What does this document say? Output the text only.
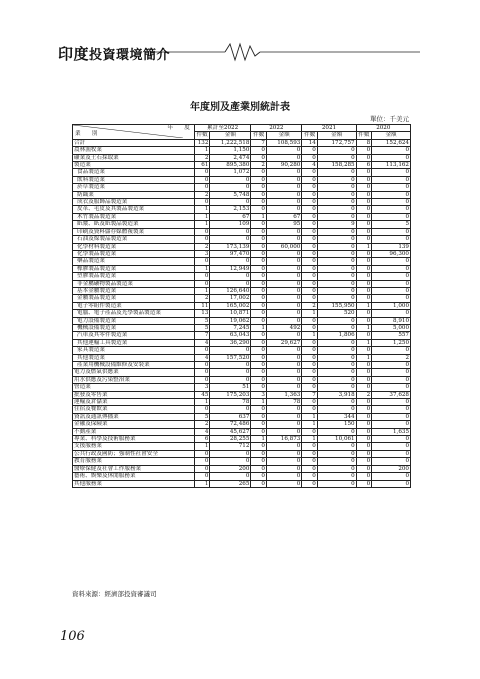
印度投資環境簡介
年度別及產業別統計表
單位：千美元
年　　度
業　　別	累計至2022		2022		2021		2020	
	件數	金額	件數	金額	件數	金額	件數	金額
合計	132	1,222,518	7	108,593	14	172,757	8	152,624
農林漁牧業	1	1,150	0	0	0	0	0	0
礦業及土石採取業	2	2,474	0	0	0	0	0	0
製造業	61	895,380	2	90,280	4	158,285	6	113,162
食品製造業	0	1,072	0	0	0	0	0	0
飲料製造業	0	0	0	0	0	0	0	0
菸草製造業	0	0	0	0	0	0	0	0
紡織業	2	5,748	0	0	0	0	0	0
成衣及服飾品製造業	0	0	0	0	0	0	0	0
皮革、毛皮及其製品製造業	1	2,153	0	0	0	0	0	0
木竹製品製造業	1	67	1	67	0	0	0	0
紙漿、紙及紙製品製造業	1	109	0	95	0	9	0	5
印刷及資料儲存媒體複製業	0	0	0	0	0	0	0	0
石油及煤製品製造業	0	0	0	0	0	0	0	0
化學材料製造業	2	173,139	0	60,000	0	0	1	139
化學製品製造業	3	97,470	0	0	0	0	0	96,300
藥品製造業	0	0	0	0	0	0	0	0
橡膠製品製造業	1	12,949	0	0	0	0	0	0
塑膠製品製造業	0	0	0	0	0	0	0	0
非金屬礦物製品製造業	0	0	0	0	0	0	0	0
基本金屬製造業	1	126,640	0	0	0	0	0	0
金屬製品製造業	2	17,002	0	0	0	0	0	0
電子零組件製造業	11	165,002	0	0	2	155,950	1	1,000
電腦、電子產品及光學製品製造業	13	10,871	0	0	1	520	0	0
電力設備製造業	5	19,062	0	0	0	0	0	8,910
機械設備製造業	5	7,245	1	492	0	0	1	5,000
汽車及其零件製造業	7	63,043	0	0	1	1,806	0	557
其他運輸工具製造業	4	36,290	0	29,627	0	0	1	1,250
家具製造業	0	0	0	0	0	0	0	0
其他製造業	4	157,520	0	0	0	0	1	2
產業用機械設備維修及安裝業	0	0	0	0	0	0	0	0
電力及燃氣供應業	0	0	0	0	0	0	0	0
用水供應及污染整治業	0	0	0	0	0	0	0	0
營造業	3	51	0	0	0	0	0	0
批發及零售業	45	175,203	3	1,363	7	3,918	2	37,628
運輸及倉儲業	1	78	1	78	0	0	0	0
住宿及餐飲業	0	0	0	0	0	0	0	0
資訊及通訊傳播業	5	637	0	0	1	344	0	0
金融及保險業	2	72,486	0	0	1	150	0	0
不動產業	4	45,627	0	0	0	0	0	1,635
專業、科學及技術服務業	6	28,255	1	16,873	1	10,061	0	0
支援服務業	1	712	0	0	0	0	0	0
公共行政及國防；強制性社會安全	0	0	0	0	0	0	0	0
教育服務業	0	0	0	0	0	0	0	0
醫療保健及社會工作服務業	0	200	0	0	0	0	0	200
藝術、娛樂及休閒服務業	0	0	0	0	0	0	0	0
其他服務業	1	265	0	0	0	0	0	0
資料來源：經濟部投資審議司
106
